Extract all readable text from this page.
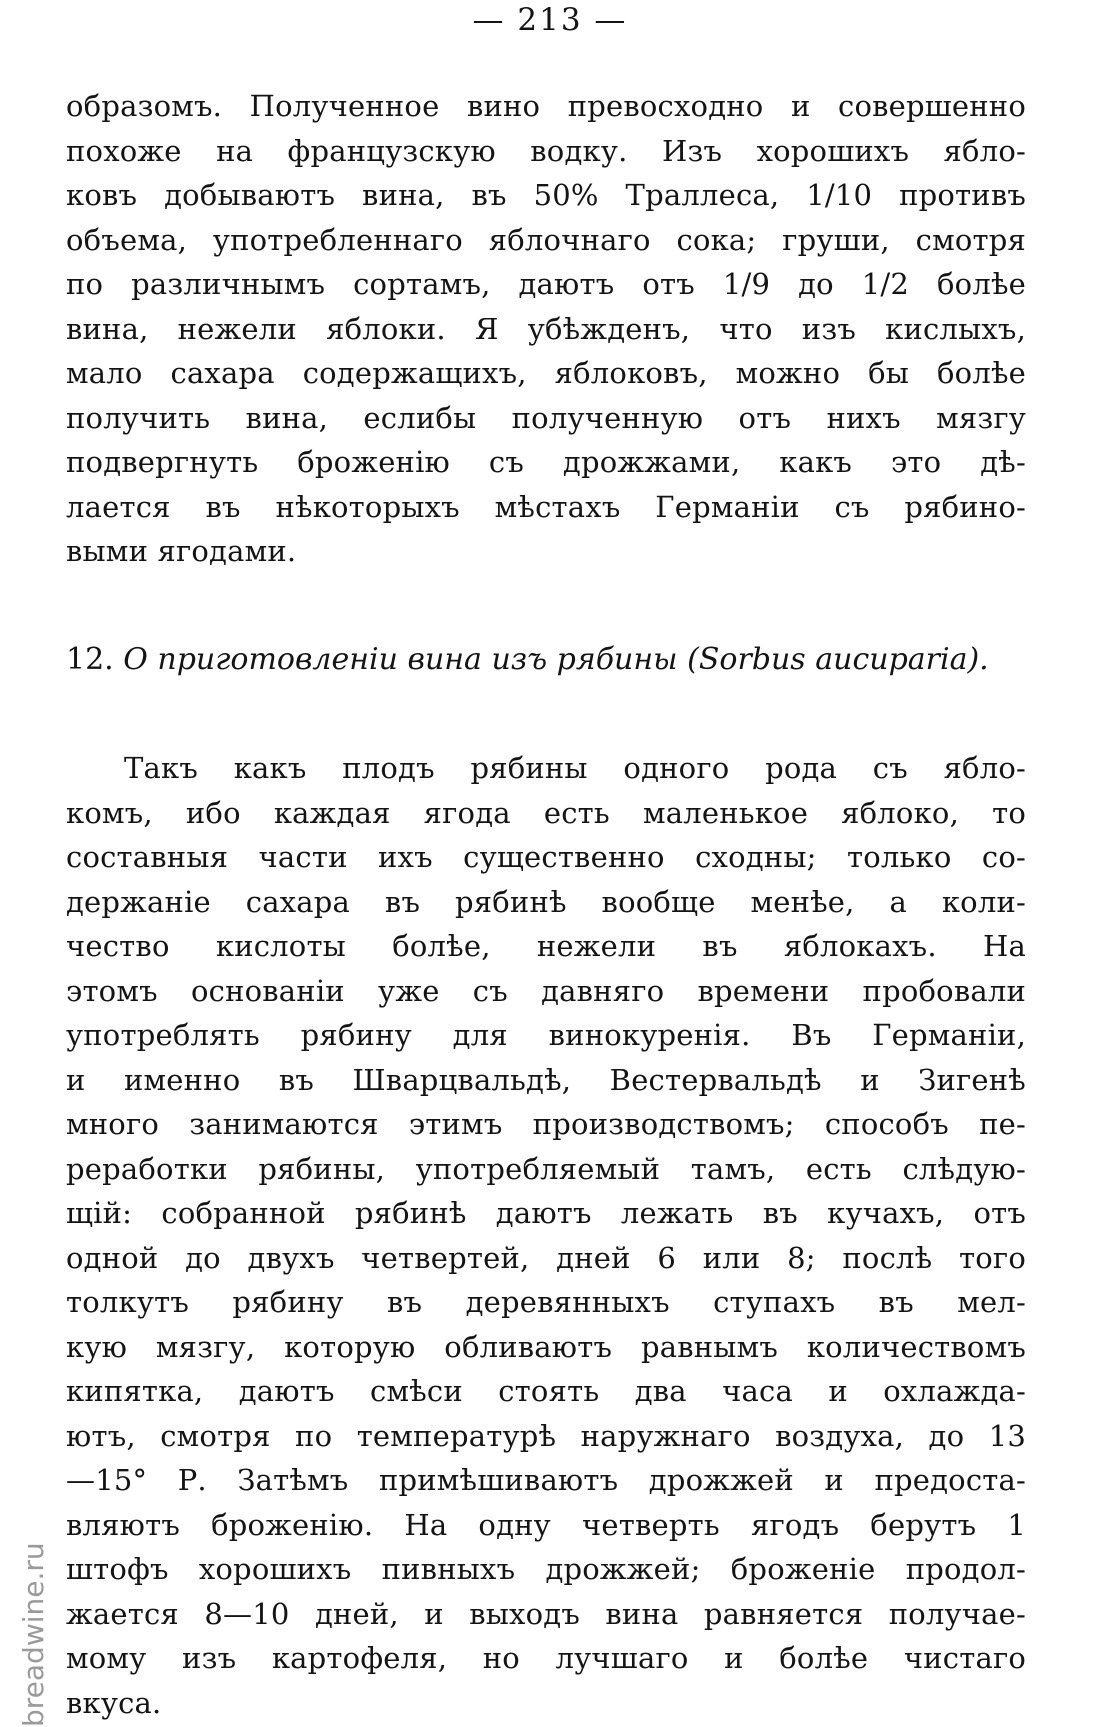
— 213 —
образомъ. Полученное вино превосходно и совершенно
похоже на французскую водку. Изъ хорошихъ ябло-
ковъ добываютъ вина, въ 50% Траллеса, 1/10 противъ
объема, употребленнаго яблочнаго сока; груши, смотря
по различнымъ сортамъ, даютъ отъ 1/9 до 1/2 болѣе
вина, нежели яблоки. Я убѣжденъ, что изъ кислыхъ,
мало сахара содержащихъ, яблоковъ, можно бы болѣе
получить вина, еслибы полученную отъ нихъ мязгу
подвергнуть броженію съ дрожжами, какъ это дѣ-
лается въ нѣкоторыхъ мѣстахъ Германіи съ рябино-
выми ягодами.
12. О приготовленіи вина изъ рябины (Sorbus aucuparia).
Такъ какъ плодъ рябины одного рода съ ябло-
комъ, ибо каждая ягода есть маленькое яблоко, то
составныя части ихъ существенно сходны; только со-
держаніе сахара въ рябинѣ вообще менѣе, а коли-
чество кислоты болѣе, нежели въ яблокахъ. На
этомъ основаніи уже съ давняго времени пробовали
употреблять рябину для винокуренія. Въ Германіи,
и именно въ Шварцвальдѣ, Вестервальдѣ и Зигенѣ
много занимаются этимъ производствомъ; способъ пе-
реработки рябины, употребляемый тамъ, есть слѣдую-
щій: собранной рябинѣ даютъ лежать въ кучахъ, отъ
одной до двухъ четвертей, дней 6 или 8; послѣ того
толкутъ рябину въ деревянныхъ ступахъ въ мел-
кую мязгу, которую обливаютъ равнымъ количествомъ
кипятка, даютъ смѣси стоять два часа и охлажда-
ютъ, смотря по температурѣ наружнаго воздуха, до 13
—15° Р. Затѣмъ примѣшиваютъ дрожжей и предоста-
вляютъ броженію. На одну четверть ягодъ берутъ 1
штофъ хорошихъ пивныхъ дрожжей; броженіе продол-
жается 8—10 дней, и выходъ вина равняется получае-
мому изъ картофеля, но лучшаго и болѣе чистаго
вкуса.
breadwine.ru
